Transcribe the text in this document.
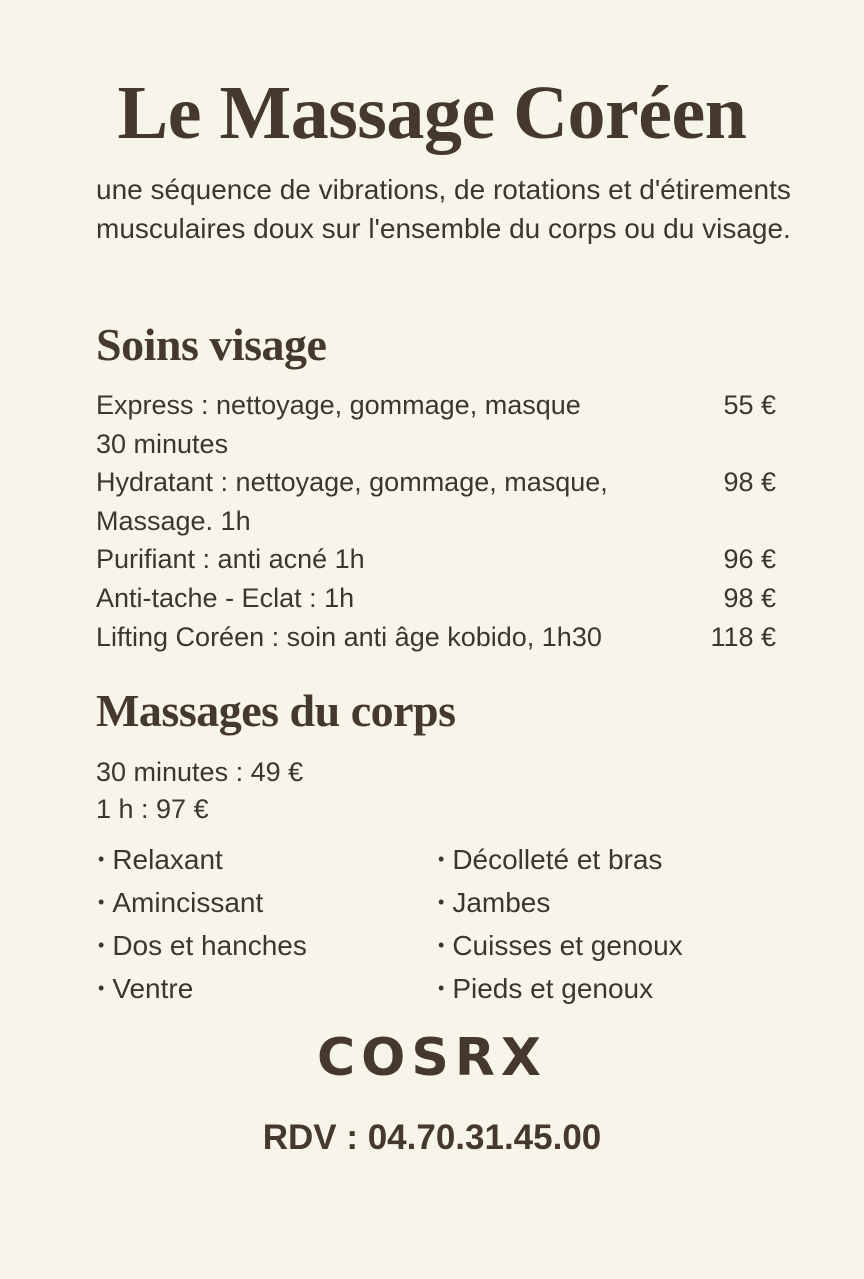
Le Massage Coréen

une séquence de vibrations, de rotations et d'étirements musculaires doux sur l'ensemble du corps ou du visage.

Soins visage
Express : nettoyage, gommage, masque	55 €
30 minutes
Hydratant : nettoyage, gommage, masque,	98 €
Massage. 1h
Purifiant : anti acné 1h	96 €
Anti-tache - Eclat : 1h	98 €
Lifting Coréen : soin anti âge kobido, 1h30	118 €
Massages du corps
30 minutes : 49 €
1 h : 97 €
• Relaxant
• Amincissant
• Dos et hanches
• Ventre
• Décolleté et bras
• Jambes
• Cuisses et genoux
• Pieds et genoux
COSRX
RDV : 04.70.31.45.00
